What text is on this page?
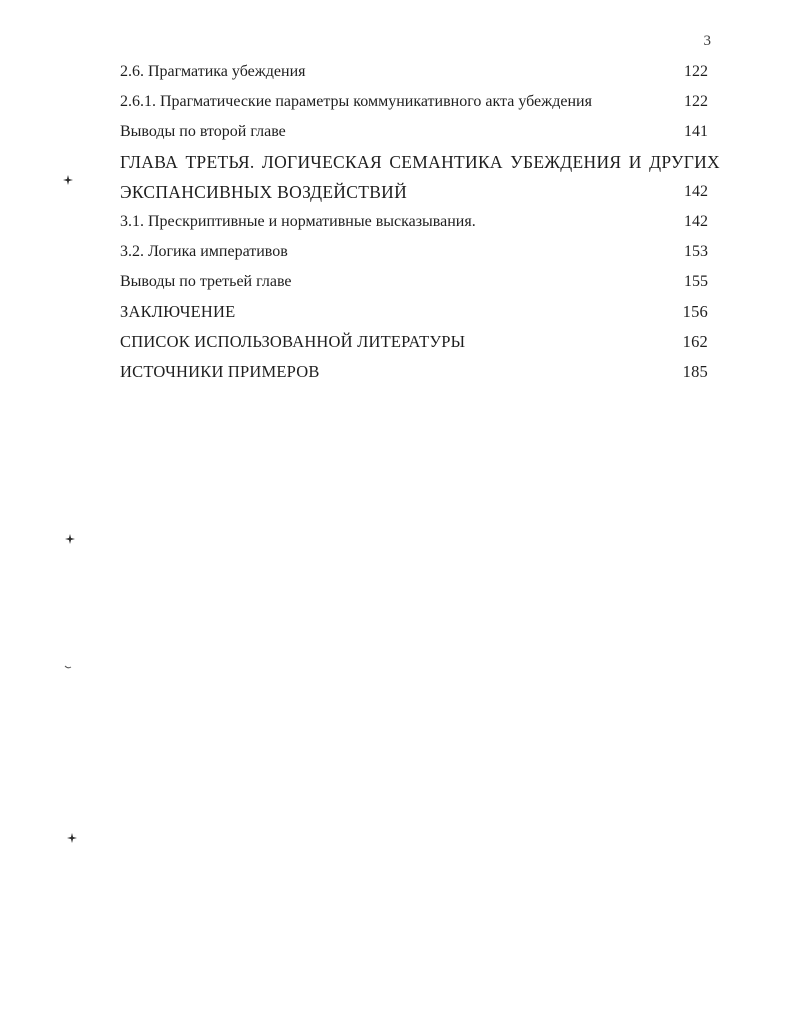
3
2.6. Прагматика убеждения	122
2.6.1. Прагматические параметры коммуникативного акта убеждения	122
Выводы по второй главе	141
ГЛАВА ТРЕТЬЯ. ЛОГИЧЕСКАЯ СЕМАНТИКА УБЕЖДЕНИЯ И ДРУГИХ
ЭКСПАНСИВНЫХ ВОЗДЕЙСТВИЙ	142
3.1. Прескриптивные и нормативные высказывания.	142
3.2. Логика императивов	153
Выводы по третьей главе	155
ЗАКЛЮЧЕНИЕ	156
СПИСОК ИСПОЛЬЗОВАННОЙ ЛИТЕРАТУРЫ	162
ИСТОЧНИКИ ПРИМЕРОВ	185
